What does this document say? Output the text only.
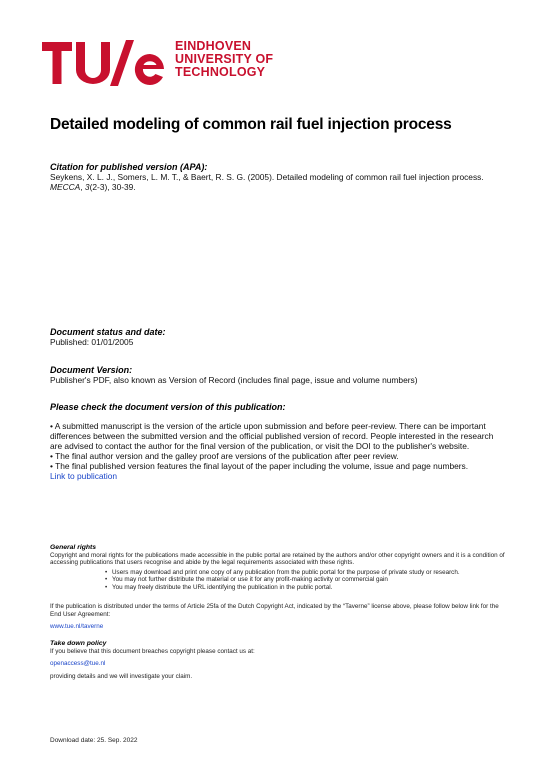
EINDHOVEN
UNIVERSITY OF
TECHNOLOGY
Detailed modeling of common rail fuel injection process
Citation for published version (APA):
Seykens, X. L. J., Somers, L. M. T., & Baert, R. S. G. (2005). Detailed modeling of common rail fuel injection process. MECCA, 3(2-3), 30-39.
Document status and date:
Published: 01/01/2005
Document Version:
Publisher's PDF, also known as Version of Record (includes final page, issue and volume numbers)
Please check the document version of this publication:

• A submitted manuscript is the version of the article upon submission and before peer-review. There can be important differences between the submitted version and the official published version of record. People interested in the research are advised to contact the author for the final version of the publication, or visit the DOI to the publisher's website.

• The final author version and the galley proof are versions of the publication after peer review.

• The final published version features the final layout of the paper including the volume, issue and page numbers.

Link to publication

General rights
Copyright and moral rights for the publications made accessible in the public portal are retained by the authors and/or other copyright owners and it is a condition of accessing publications that users recognise and abide by the legal requirements associated with these rights.
• Users may download and print one copy of any publication from the public portal for the purpose of private study or research.
• You may not further distribute the material or use it for any profit-making activity or commercial gain
• You may freely distribute the URL identifying the publication in the public portal.

If the publication is distributed under the terms of Article 25fa of the Dutch Copyright Act, indicated by the “Taverne” license above, please follow below link for the End User Agreement:

www.tue.nl/taverne

Take down policy

If you believe that this document breaches copyright please contact us at:

openaccess@tue.nl

providing details and we will investigate your claim.

Download date: 25. Sep. 2022
